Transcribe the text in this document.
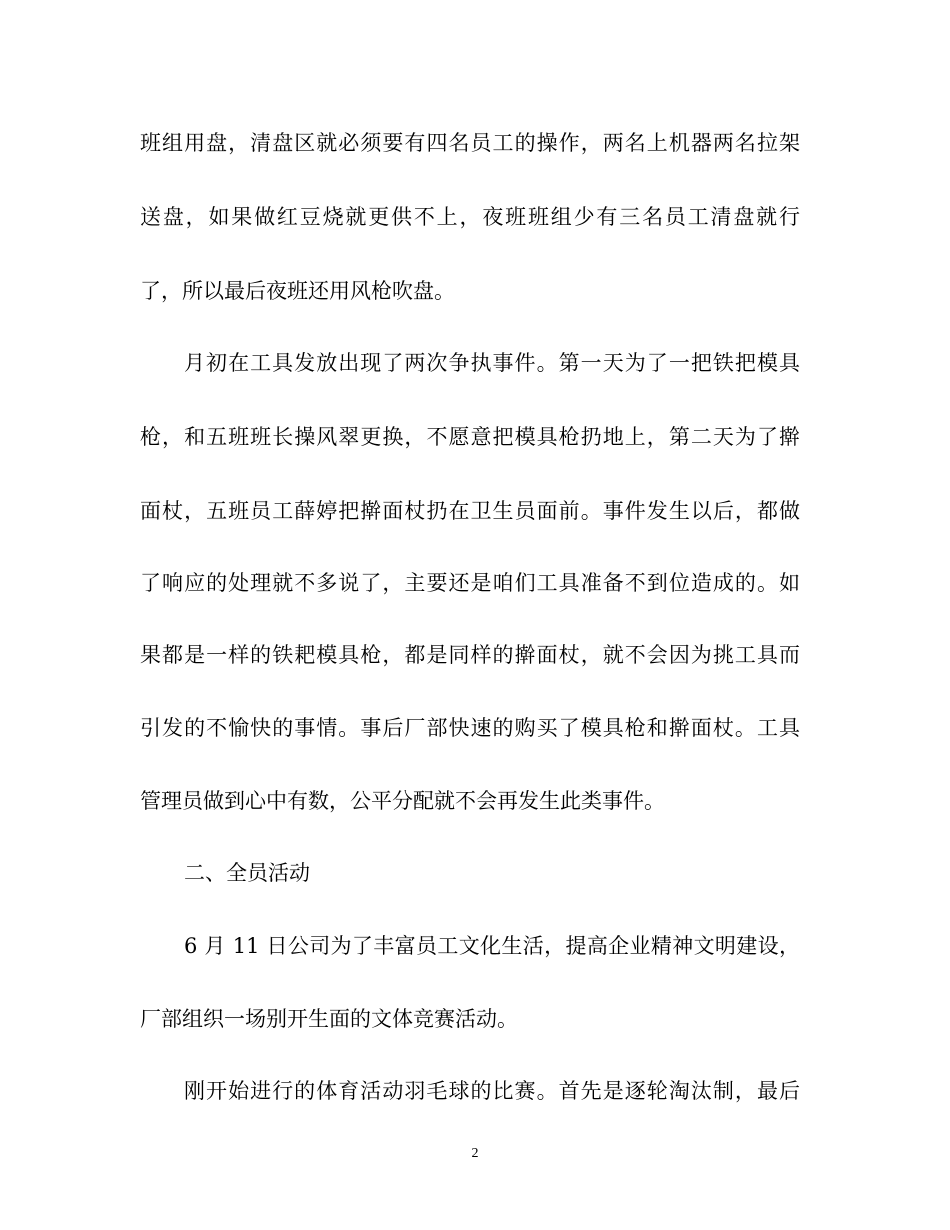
班组用盘，清盘区就必须要有四名员工的操作，两名上机器两名拉架

送盘，如果做红豆烧就更供不上，夜班班组少有三名员工清盘就行

了，所以最后夜班还用风枪吹盘。

月初在工具发放出现了两次争执事件。第一天为了一把铁把模具

枪，和五班班长操风翠更换，不愿意把模具枪扔地上，第二天为了擀

面杖，五班员工薛婷把擀面杖扔在卫生员面前。事件发生以后，都做

了响应的处理就不多说了，主要还是咱们工具准备不到位造成的。如

果都是一样的铁耙模具枪，都是同样的擀面杖，就不会因为挑工具而

引发的不愉快的事情。事后厂部快速的购买了模具枪和擀面杖。工具

管理员做到心中有数，公平分配就不会再发生此类事件。

二、全员活动

6 月 11 日公司为了丰富员工文化生活，提高企业精神文明建设，

厂部组织一场别开生面的文体竞赛活动。

刚开始进行的体育活动羽毛球的比赛。首先是逐轮淘汰制，最后

2
